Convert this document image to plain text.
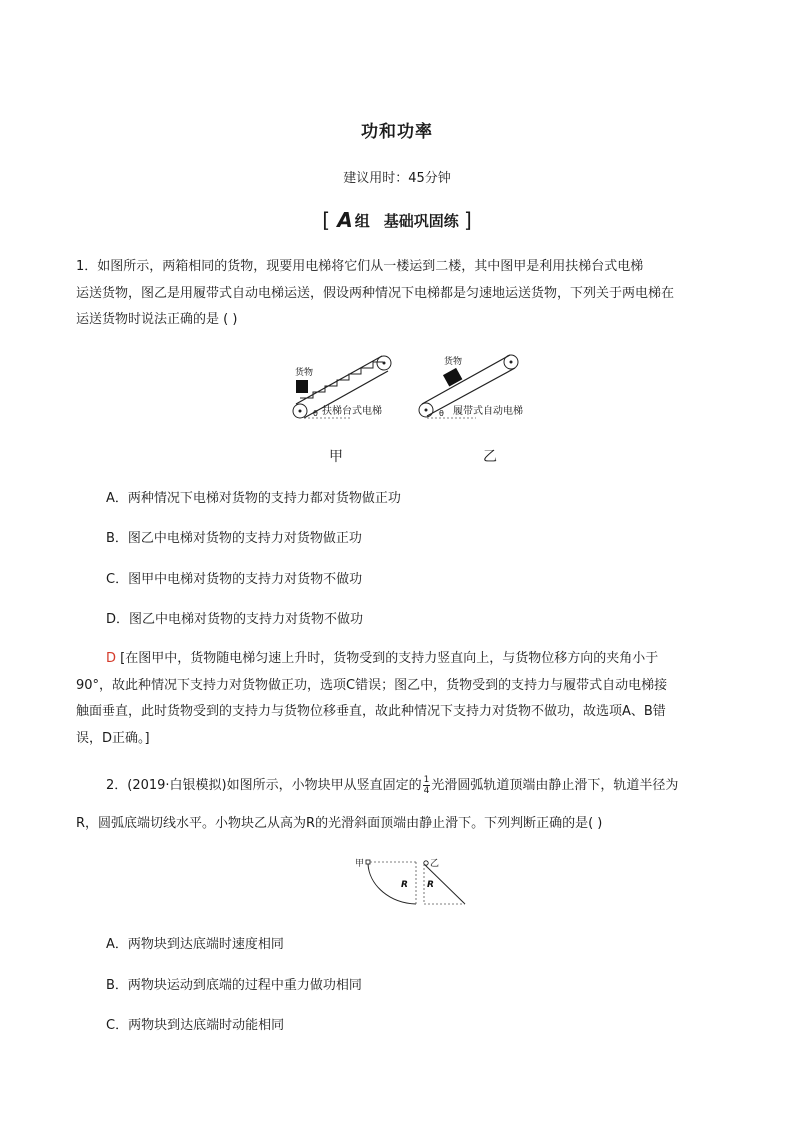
功和功率
建议用时：45分钟
[ A 组 基础巩固练 ]
1．如图所示，两箱相同的货物，现要用电梯将它们从一楼运到二楼，其中图甲是利用扶梯台式电梯
运送货物，图乙是用履带式自动电梯运送，假设两种情况下电梯都是匀速地运送货物，下列关于两电梯在
运送货物时说法正确的是 ( )
货物
θ 扶梯台式电梯
货物
θ 履带式自动电梯
甲	乙
A．两种情况下电梯对货物的支持力都对货物做正功
B．图乙中电梯对货物的支持力对货物做正功
C．图甲中电梯对货物的支持力对货物不做功
D．图乙中电梯对货物的支持力对货物不做功
D [在图甲中，货物随电梯匀速上升时，货物受到的支持力竖直向上，与货物位移方向的夹角小于
90°，故此种情况下支持力对货物做正功，选项C错误；图乙中，货物受到的支持力与履带式自动电梯接
触面垂直，此时货物受到的支持力与货物位移垂直，故此种情况下支持力对货物不做功，故选项A、B错
误，D正确。]
2．(2019·白银模拟)如图所示，小物块甲从竖直固定的 $\frac{1}{4}$ 光滑圆弧轨道顶端由静止滑下，轨道半径为
R，圆弧底端切线水平。小物块乙从高为R的光滑斜面顶端由静止滑下。下列判断正确的是( )
甲
R
乙
R
A．两物块到达底端时速度相同
B．两物块运动到底端的过程中重力做功相同
C．两物块到达底端时动能相同
